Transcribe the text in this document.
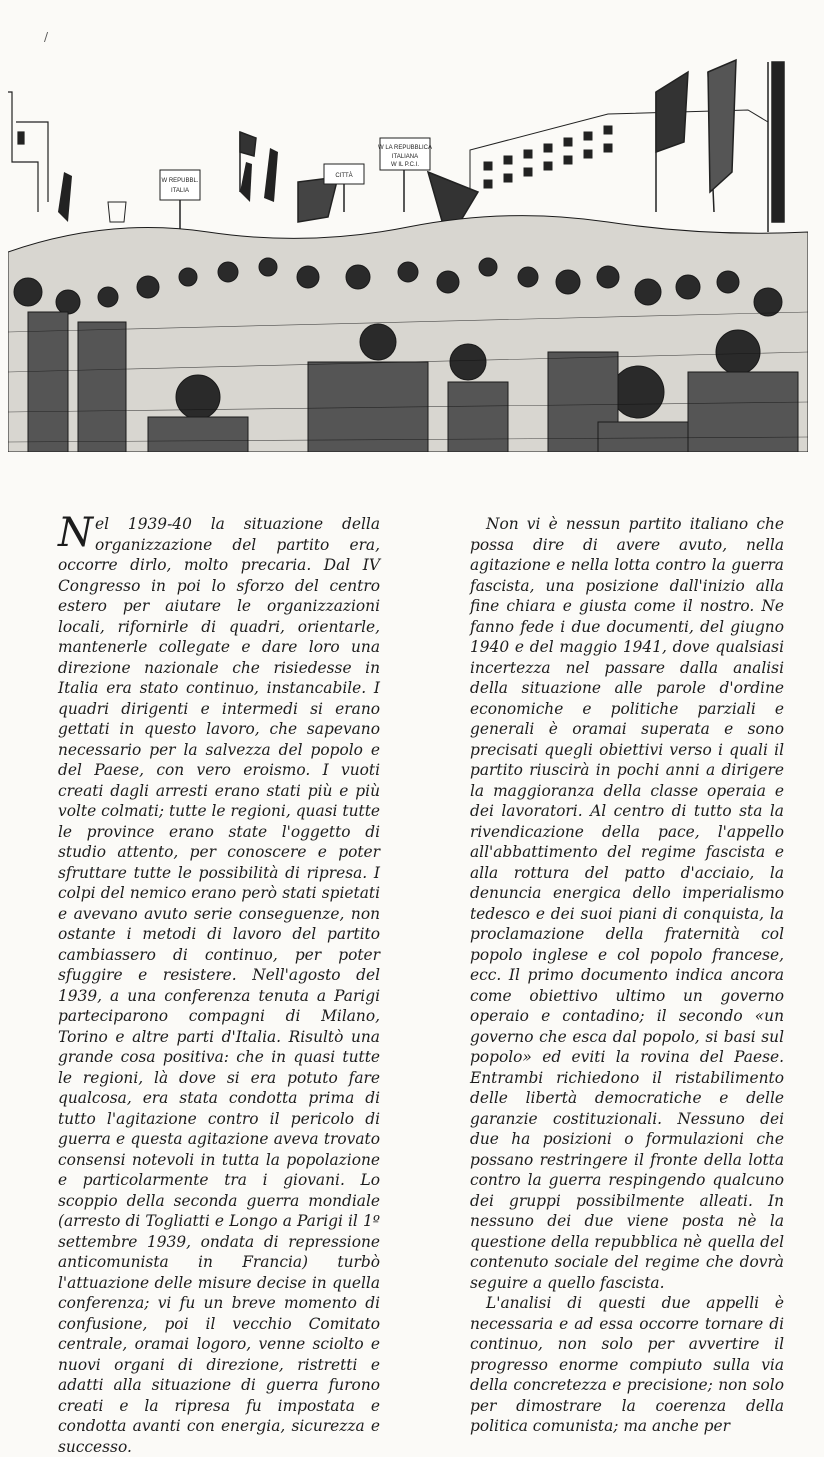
/
W LA REPUBBLICA
ITALIANA
W IL P.C.I.
W REPUBBL.
ITALIA
CITTÀ

Nel 1939-40 la situazione della organizzazione del partito era, occorre dirlo, molto precaria. Dal IV Congresso in poi lo sforzo del centro estero per aiutare le organizzazioni locali, rifornirle di quadri, orientarle, mantenerle collegate e dare loro una direzione nazionale che risiedesse in Italia era stato continuo, instancabile. I quadri dirigenti e intermedi si erano gettati in questo lavoro, che sapevano necessario per la salvezza del popolo e del Paese, con vero eroismo. I vuoti creati dagli arresti erano stati più e più volte colmati; tutte le regioni, quasi tutte le province erano state l'oggetto di studio attento, per conoscere e poter sfruttare tutte le possibilità di ripresa. I colpi del nemico erano però stati spietati e avevano avuto serie conseguenze, non ostante i metodi di lavoro del partito cambiassero di continuo, per poter sfuggire e resistere. Nell'agosto del 1939, a una conferenza tenuta a Parigi parteciparono compagni di Milano, Torino e altre parti d'Italia. Risultò una grande cosa positiva: che in quasi tutte le regioni, là dove si era potuto fare qualcosa, era stata condotta prima di tutto l'agitazione contro il pericolo di guerra e questa agitazione aveva trovato consensi notevoli in tutta la popolazione e particolarmente tra i giovani. Lo scoppio della seconda guerra mondiale (arresto di Togliatti e Longo a Parigi il 1º settembre 1939, ondata di repressione anticomunista in Francia) turbò l'attuazione delle misure decise in quella conferenza; vi fu un breve momento di confusione, poi il vecchio Comitato centrale, oramai logoro, venne sciolto e nuovi organi di direzione, ristretti e adatti alla situazione di guerra furono creati e la ripresa fu impostata e condotta avanti con energia, sicurezza e successo.

Non vi è nessun partito italiano che possa dire di avere avuto, nella agitazione e nella lotta contro la guerra fascista, una posizione dall'inizio alla fine chiara e giusta come il nostro. Ne fanno fede i due documenti, del giugno 1940 e del maggio 1941, dove qualsiasi incertezza nel passare dalla analisi della situazione alle parole d'ordine economiche e politiche parziali e generali è oramai superata e sono precisati quegli obiettivi verso i quali il partito riuscirà in pochi anni a dirigere la maggioranza della classe operaia e dei lavoratori. Al centro di tutto sta la rivendicazione della pace, l'appello all'abbattimento del regime fascista e alla rottura del patto d'acciaio, la denuncia energica dello imperialismo tedesco e dei suoi piani di conquista, la proclamazione della fraternità col popolo inglese e col popolo francese, ecc. Il primo documento indica ancora come obiettivo ultimo un governo operaio e contadino; il secondo «un governo che esca dal popolo, si basi sul popolo» ed eviti la rovina del Paese. Entrambi richiedono il ristabilimento delle libertà democratiche e delle garanzie costituzionali. Nessuno dei due ha posizioni o formulazioni che possano restringere il fronte della lotta contro la guerra respingendo qualcuno dei gruppi possibilmente alleati. In nessuno dei due viene posta nè la questione della repubblica nè quella del contenuto sociale del regime che dovrà seguire a quello fascista.

L'analisi di questi due appelli è necessaria e ad essa occorre tornare di continuo, non solo per avvertire il progresso enorme compiuto sulla via della concretezza e precisione; non solo per dimostrare la coerenza della politica comunista; ma anche per
